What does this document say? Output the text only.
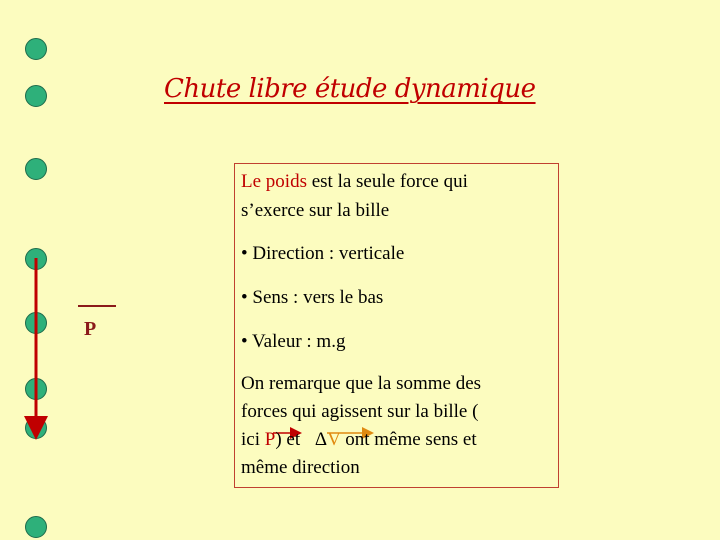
Chute libre étude dynamique
P
Le poids est la seule force qui
s’exerce sur la bille
• Direction : verticale
• Sens : vers le bas
• Valeur : m.g
On remarque que la somme des
forces qui agissent sur la bille (
ici P) et ΔV ont même sens et
même direction
